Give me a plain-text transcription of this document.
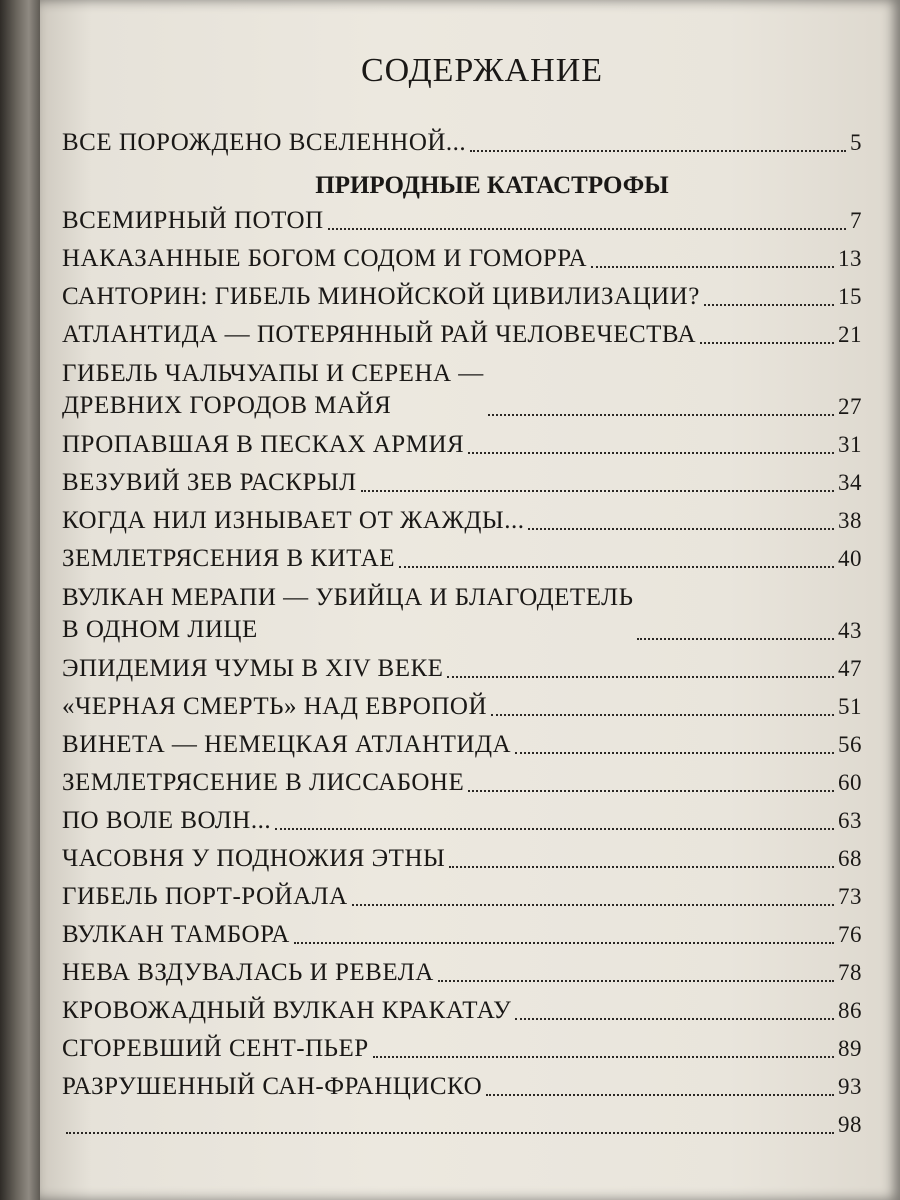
СОДЕРЖАНИЕ
ВСЕ ПОРОЖДЕНО ВСЕЛЕННОЙ...	5
ПРИРОДНЫЕ КАТАСТРОФЫ
ВСЕМИРНЫЙ ПОТОП	7
НАКАЗАННЫЕ БОГОМ СОДОМ И ГОМОРРА	13
САНТОРИН: ГИБЕЛЬ МИНОЙСКОЙ ЦИВИЛИЗАЦИИ?	15
АТЛАНТИДА — ПОТЕРЯННЫЙ РАЙ ЧЕЛОВЕЧЕСТВА	21
ГИБЕЛЬ ЧАЛЬЧУАПЫ И СЕРЕНА —
ДРЕВНИХ ГОРОДОВ МАЙЯ	27
ПРОПАВШАЯ В ПЕСКАХ АРМИЯ	31
ВЕЗУВИЙ ЗЕВ РАСКРЫЛ	34
КОГДА НИЛ ИЗНЫВАЕТ ОТ ЖАЖДЫ...	38
ЗЕМЛЕТРЯСЕНИЯ В КИТАЕ	40
ВУЛКАН МЕРАПИ — УБИЙЦА И БЛАГОДЕТЕЛЬ
В ОДНОМ ЛИЦЕ	43
ЭПИДЕМИЯ ЧУМЫ В XIV ВЕКЕ	47
«ЧЕРНАЯ СМЕРТЬ» НАД ЕВРОПОЙ	51
ВИНЕТА — НЕМЕЦКАЯ АТЛАНТИДА	56
ЗЕМЛЕТРЯСЕНИЕ В ЛИССАБОНЕ	60
ПО ВОЛЕ ВОЛН...	63
ЧАСОВНЯ У ПОДНОЖИЯ ЭТНЫ	68
ГИБЕЛЬ ПОРТ-РОЙАЛА	73
ВУЛКАН ТАМБОРА	76
НЕВА ВЗДУВАЛАСЬ И РЕВЕЛА	78
КРОВОЖАДНЫЙ ВУЛКАН КРАКАТАУ	86
СГОРЕВШИЙ СЕНТ-ПЬЕР	89
РАЗРУШЕННЫЙ САН-ФРАНЦИСКО	93
98
